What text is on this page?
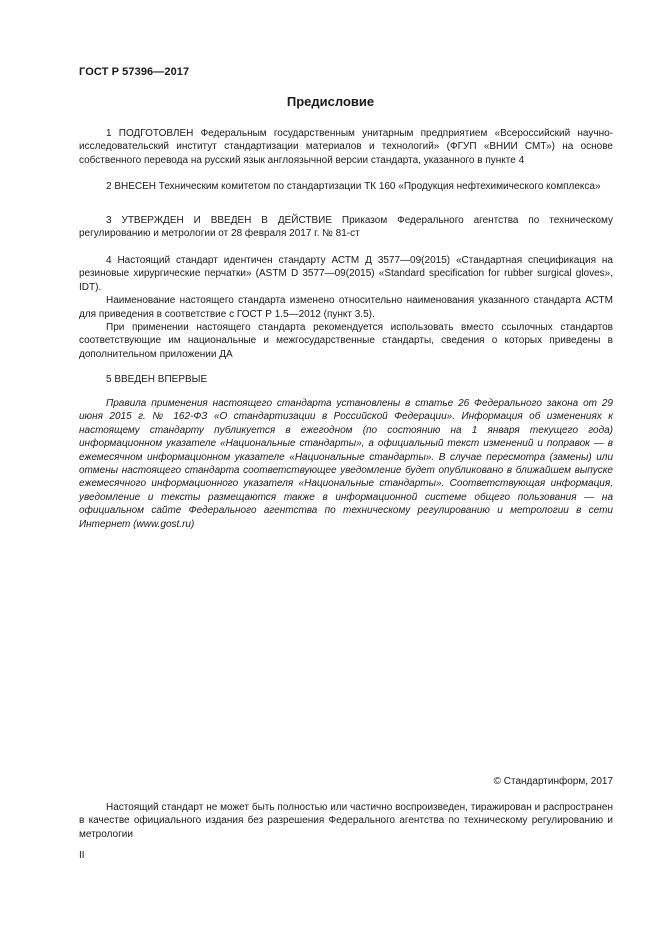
ГОСТ Р 57396—2017
Предисловие

1 ПОДГОТОВЛЕН Федеральным государственным унитарным предприятием «Всероссийский научно-исследовательский институт стандартизации материалов и технологий» (ФГУП «ВНИИ СМТ») на основе собственного перевода на русский язык англоязычной версии стандарта, указанного в пункте 4

2 ВНЕСЕН Техническим комитетом по стандартизации ТК 160 «Продукция нефтехимического комплекса»

3 УТВЕРЖДЕН И ВВЕДЕН В ДЕЙСТВИЕ Приказом Федерального агентства по техническому регулированию и метрологии от 28 февраля 2017 г. № 81-ст

4 Настоящий стандарт идентичен стандарту АСТМ Д 3577—09(2015) «Стандартная спецификация на резиновые хирургические перчатки» (ASTM D 3577—09(2015) «Standard specification for rubber surgical gloves», IDT).

Наименование настоящего стандарта изменено относительно наименования указанного стандарта АСТМ для приведения в соответствие с ГОСТ Р 1.5—2012 (пункт 3.5).

При применении настоящего стандарта рекомендуется использовать вместо ссылочных стандартов соответствующие им национальные и межгосударственные стандарты, сведения о которых приведены в дополнительном приложении ДА

5 ВВЕДЕН ВПЕРВЫЕ

Правила применения настоящего стандарта установлены в статье 26 Федерального закона от 29 июня 2015 г. № 162-ФЗ «О стандартизации в Российской Федерации». Информация об изменениях к настоящему стандарту публикуется в ежегодном (по состоянию на 1 января текущего года) информационном указателе «Национальные стандарты», а официальный текст изменений и поправок — в ежемесячном информационном указателе «Национальные стандарты». В случае пересмотра (замены) или отмены настоящего стандарта соответствующее уведомление будет опубликовано в ближайшем выпуске ежемесячного информационного указателя «Национальные стандарты». Соответствующая информация, уведомление и тексты размещаются также в информационной системе общего пользования — на официальном сайте Федерального агентства по техническому регулированию и метрологии в сети Интернет (www.gost.ru)

© Стандартинформ, 2017

Настоящий стандарт не может быть полностью или частично воспроизведен, тиражирован и распространен в качестве официального издания без разрешения Федерального агентства по техническому регулированию и метрологии

II
